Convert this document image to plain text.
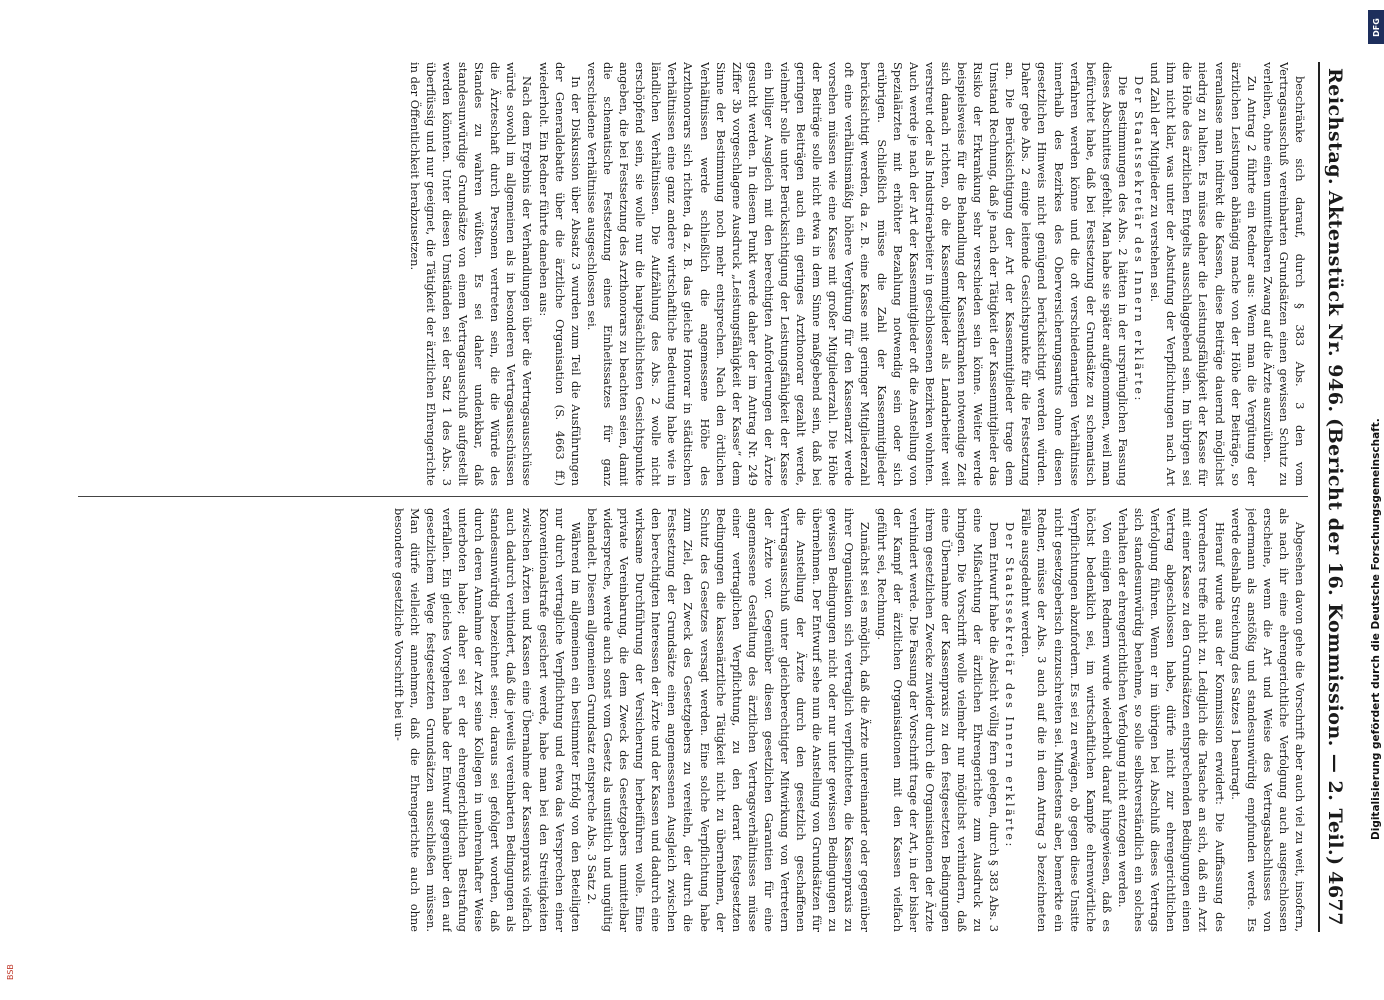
Reichstag.
Aktenstück Nr. 946.
(Bericht der 16. Kommission. — 2. Teil.)
4677

beschränke sich darauf, durch § 383 Abs. 3 den vom Vertragsausschuß vereinbarten Grundsätzen einen gewissen Schutz zu verleihen, ohne einen unmittelbaren Zwang auf die Ärzte auszuüben.

Zu Antrag 2 führte ein Redner aus: Wenn man die Vergütung der ärztlichen Leistungen abhängig mache von der Höhe der Beiträge, so veranlasse man indirekt die Kassen, diese Beiträge dauernd möglichst niedrig zu halten. Es müsse daher die Leistungsfähigkeit der Kasse für die Höhe des ärztlichen Entgelts ausschlaggebend sein. Im übrigen sei ihm nicht klar, was unter der Abstufung der Verpflichtungen nach Art und Zahl der Mitglieder zu verstehen sei.

Der Staatssekretär des Innern erklärte:

Die Bestimmungen des Abs. 2 hätten in der ursprünglichen Fassung dieses Abschnittes gefehlt. Man habe sie später aufgenommen, weil man befürchtet habe, daß bei Festsetzung der Grundsätze zu schematisch verfahren werden könne und die oft verschiedenartigen Verhältnisse innerhalb des Bezirkes des Oberversicherungsamts ohne diesen gesetzlichen Hinweis nicht genügend berücksichtigt werden würden. Daher gebe Abs. 2 einige leitende Gesichtspunkte für die Festsetzung an. Die Berücksichtigung der Art der Kassenmitglieder trage dem Umstand Rechnung, daß je nach der Tätigkeit der Kassenmitglieder das Risiko der Erkrankung sehr verschieden sein könne. Weiter werde beispielsweise für die Behandlung der Kassenkranken notwendige Zeit sich danach richten, ob die Kassenmitglieder als Landarbeiter weit verstreut oder als Industriearbeiter in geschlossenen Bezirken wohnten. Auch werde je nach der Art der Kassenmitglieder oft die Anstellung von Spezialärzten mit erhöhter Bezahlung notwendig sein oder sich erübrigen. Schließlich müsse die Zahl der Kassenmitglieder berücksichtigt werden, da z. B. eine Kasse mit geringer Mitgliederzahl oft eine verhältnismäßig höhere Vergütung für den Kassenarzt werde vorsehen müssen wie eine Kasse mit großer Mitgliederzahl. Die Höhe der Beiträge solle nicht etwa in dem Sinne maßgebend sein, daß bei geringen Beiträgen auch ein geringes Arzthonorar gezahlt werde, vielmehr solle unter Berücksichtigung der Leistungsfähigkeit der Kasse ein billiger Ausgleich mit den berechtigten Anforderungen der Ärzte gesucht werden. In diesem Punkt werde daher der im Antrag Nr. 249 Ziffer 3b vorgeschlagene Ausdruck „Leistungsfähigkeit der Kasse“ dem Sinne der Bestimmung noch mehr entsprechen. Nach den örtlichen Verhältnissen werde schließlich die angemessene Höhe des Arzthonorars sich richten, da z. B. das gleiche Honorar in städtischen Verhältnissen eine ganz andere wirtschaftliche Bedeutung habe wie in ländlichen Verhältnissen. Die Aufzählung des Abs. 2 wolle nicht erschöpfend sein, sie wolle nur die hauptsächlichsten Gesichtspunkte angeben, die bei Festsetzung des Arzthonorars zu beachten seien, damit die schematische Festsetzung eines Einheitssatzes für ganz verschiedene Verhältnisse ausgeschlossen sei.

In der Diskussion über Absatz 3 wurden zum Teil die Ausführungen der Generaldebatte über die ärztliche Organisation (S. 4663 ff.) wiederholt. Ein Redner führte daneben aus:

Nach dem Ergebnis der Verhandlungen über die Vertragsausschüsse würde sowohl im allgemeinen als in besonderen Vertragsausschüssen die Ärzteschaft durch Personen vertreten sein, die die Würde des Standes zu wahren wüßten. Es sei daher undenkbar, daß standesunwürdige Grundsätze von einem Vertragsausschuß aufgestellt werden könnten. Unter diesen Umständen sei der Satz 1 des Abs. 3 überflüssig und nur geeignet, die Tätigkeit der ärztlichen Ehrengerichte in der Öffentlichkeit herabzusetzen.

Abgesehen davon gehe die Vorschrift aber auch viel zu weit, insofern, als nach ihr eine ehrengerichtliche Verfolgung auch ausgeschlossen erscheine, wenn die Art und Weise des Vertragsabschlusses von jedermann als anstößig und standesunwürdig empfunden werde. Es werde deshalb Streichung des Satzes 1 beantragt.

Hierauf wurde aus der Kommission erwidert: Die Auffassung des Vorredners treffe nicht zu. Lediglich die Tatsache an sich, daß ein Arzt mit einer Kasse zu den Grundsätzen entsprechenden Bedingungen einen Vertrag abgeschlossen habe, dürfe nicht zur ehrengerichtlichen Verfolgung führen. Wenn er im übrigen bei Abschluß dieses Vertrags sich standesunwürdig benehme, so solle selbstverständlich ein solches Verhalten der ehrengerichtlichen Verfolgung nicht entzogen werden.

Von einigen Rednern wurde wiederholt darauf hingewiesen, daß es höchst bedenklich sei, im wirtschaftlichen Kampfe ehrenwörtliche Verpflichtungen abzufordern. Es sei zu erwägen, ob gegen diese Unsitte nicht gesetzgeberisch einzuschreiten sei. Mindestens aber, bemerkte ein Redner, müsse der Abs. 3 auch auf die in dem Antrag 3 bezeichneten Fälle ausgedehnt werden.

Der Staatssekretär des Innern erklärte:

Dem Entwurf habe die Absicht völlig fern gelegen, durch § 383 Abs. 3 eine Mißachtung der ärztlichen Ehrengerichte zum Ausdruck zu bringen. Die Vorschrift wolle vielmehr nur möglichst verhindern, daß eine Übernahme der Kassenpraxis zu den festgesetzten Bedingungen ihrem gesetzlichen Zwecke zuwider durch die Organisationen der Ärzte verhindert werde. Die Fassung der Vorschrift trage der Art, in der bisher der Kampf der ärztlichen Organisationen mit den Kassen vielfach geführt sei, Rechnung.

Zunächst sei es möglich, daß die Ärzte untereinander oder gegenüber ihrer Organisation sich vertraglich verpflichteten, die Kassenpraxis zu gewissen Bedingungen nicht oder nur unter gewissen Bedingungen zu übernehmen. Der Entwurf sehe nun die Anstellung von Grundsätzen für die Anstellung der Ärzte durch den gesetzlich geschaffenen Vertragsausschuß unter gleichberechtigter Mitwirkung von Vertretern der Ärzte vor. Gegenüber diesen gesetzlichen Garantien für eine angemessene Gestaltung des ärztlichen Vertragsverhältnisses müsse einer vertraglichen Verpflichtung, zu den derart festgesetzten Bedingungen die kassenärztliche Tätigkeit nicht zu übernehmen, der Schutz des Gesetzes versagt werden. Eine solche Verpflichtung habe zum Ziel, den Zweck des Gesetzgebers zu vereiteln, der durch die Festsetzung der Grundsätze einen angemessenen Ausgleich zwischen den berechtigten Interessen der Ärzte und der Kassen und dadurch eine wirksame Durchführung der Versicherung herbeiführen wolle. Eine private Vereinbarung, die dem Zweck des Gesetzgebers unmittelbar widerspreche, werde auch sonst vom Gesetz als unsittlich und ungültig behandelt. Diesem allgemeinen Grundsatz entspreche Abs. 3 Satz 2.

Während im allgemeinen ein bestimmter Erfolg von den Beteiligten nur durch vertragliche Verpflichtung und etwa das Versprechen einer Konventionalstrafe gesichert werde, habe man bei den Streitigkeiten zwischen Ärzten und Kassen eine Übernahme der Kassenpraxis vielfach auch dadurch verhindert, daß die jeweils vereinbarten Bedingungen als standesunwürdig bezeichnet seien; daraus sei gefolgert worden, daß durch deren Annahme der Arzt seine Kollegen in unehrenhafter Weise unterboten habe; daher sei er der ehrengerichtlichen Bestrafung verfallen. Ein gleiches Vorgehen habe der Entwurf gegenüber den auf gesetzlichem Wege festgesetzten Grundsätzen ausschließen müssen. Man dürfe vielleicht annehmen, daß die Ehrengerichte auch ohne besondere gesetzliche Vorschrift bei un-

DFG
Digitalisierung gefördert durch die Deutsche Forschungsgemeinschaft.
BSB
